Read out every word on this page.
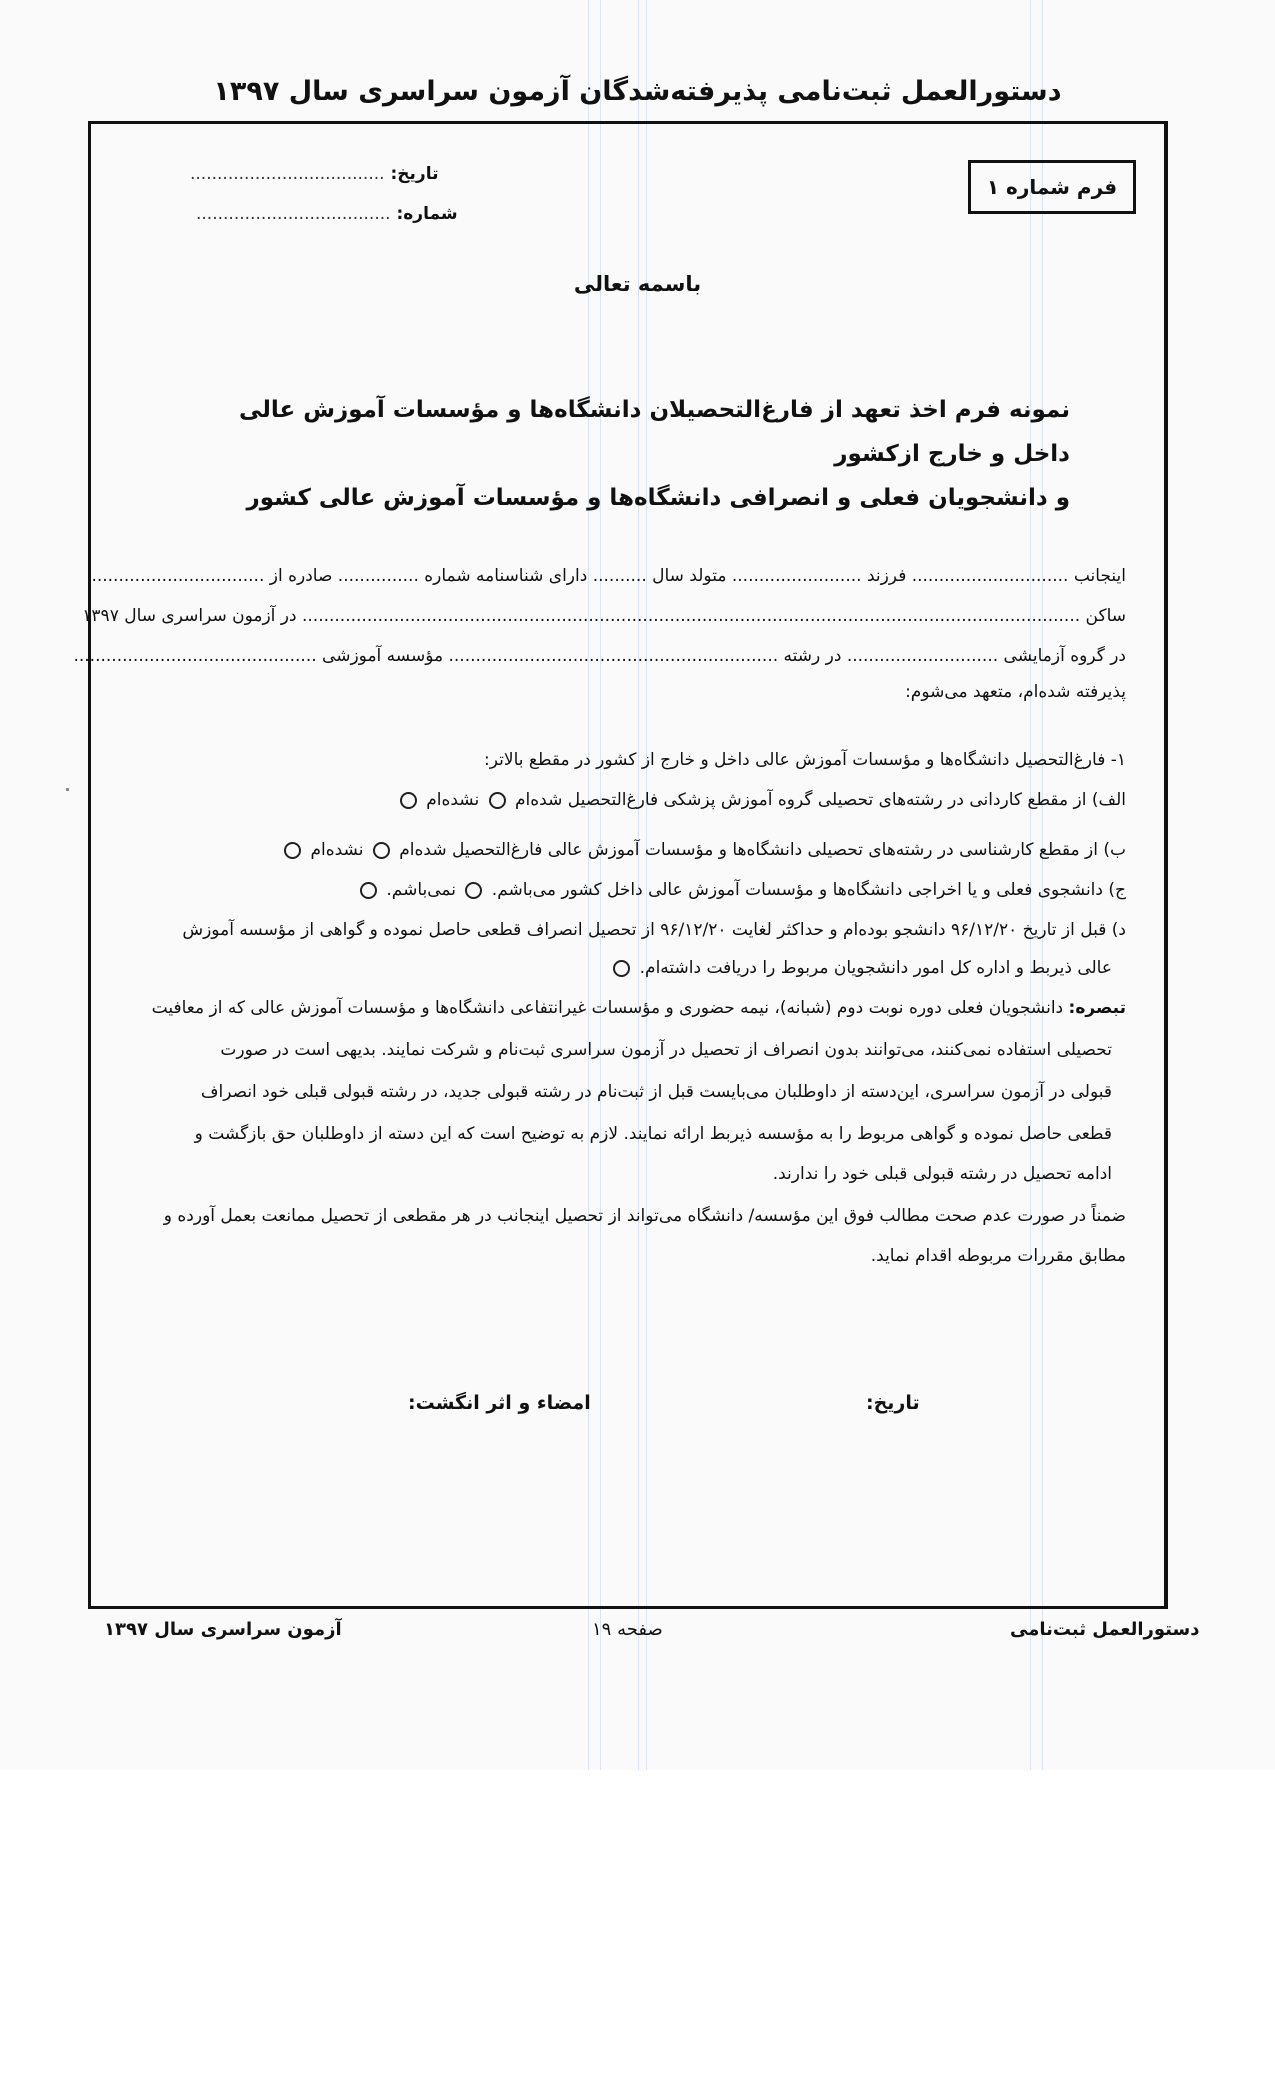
دستورالعمل ثبت‌نامی پذیرفته‌شدگان آزمون سراسری سال ۱۳۹۷
فرم شماره ۱
تاریخ: ....................................
شماره: ....................................
باسمه تعالی
نمونه فرم اخذ تعهد از فارغ‌التحصیلان دانشگاه‌ها و مؤسسات آموزش عالی داخل و خارج ازکشور
و دانشجویان فعلی و انصرافی دانشگاه‌ها و مؤسسات آموزش عالی کشور
اینجانب ............................. فرزند ........................ متولد سال .......... دارای شناسنامه شماره ............... صادره از ................................
ساکن ................................................................................................................................................ در آزمون سراسری سال ۱۳۹۷
در گروه آزمایشی ............................ در رشته ............................................................. مؤسسه آموزشی .............................................
پذیرفته شده‌ام، متعهد می‌شوم:
۱- فارغ‌التحصیل دانشگاه‌ها و مؤسسات آموزش عالی داخل و خارج از کشور در مقطع بالاتر:
الف) از مقطع کاردانی در رشته‌های تحصیلی گروه آموزش پزشکی فارغ‌التحصیل شده‌ام  نشده‌ام
ب) از مقطع کارشناسی در رشته‌های تحصیلی دانشگاه‌ها و مؤسسات آموزش عالی فارغ‌التحصیل شده‌ام  نشده‌ام
ج) دانشجوی فعلی و یا اخراجی دانشگاه‌ها و مؤسسات آموزش عالی داخل کشور می‌باشم.  نمی‌باشم.
د) قبل از تاریخ ۹۶/۱۲/۲۰ دانشجو بوده‌ام و حداکثر لغایت ۹۶/۱۲/۲۰ از تحصیل انصراف قطعی حاصل نموده و گواهی از مؤسسه آموزش
عالی ذیربط و اداره کل امور دانشجویان مربوط را دریافت داشته‌ام.
تبصره: دانشجویان فعلی دوره نوبت دوم (شبانه)، نیمه حضوری و مؤسسات غیرانتفاعی دانشگاه‌ها و مؤسسات آموزش عالی که از معافیت
تحصیلی استفاده نمی‌کنند، می‌توانند بدون انصراف از تحصیل در آزمون سراسری ثبت‌نام و شرکت نمایند. بدیهی است در صورت
قبولی در آزمون سراسری، این‌دسته از داوطلبان می‌بایست قبل از ثبت‌نام در رشته قبولی جدید، در رشته قبولی قبلی خود انصراف
قطعی حاصل نموده و گواهی مربوط را به مؤسسه ذیربط ارائه نمایند. لازم به توضیح است که این دسته از داوطلبان حق بازگشت و
ادامه تحصیل در رشته قبولی قبلی خود را ندارند.
ضمناً در صورت عدم صحت مطالب فوق این مؤسسه/ دانشگاه می‌تواند از تحصیل اینجانب در هر مقطعی از تحصیل ممانعت بعمل آورده و
مطابق مقررات مربوطه اقدام نماید.
تاریخ:
امضاء و اثر انگشت:
دستورالعمل ثبت‌نامی
صفحه ۱۹
آزمون سراسری سال ۱۳۹۷
